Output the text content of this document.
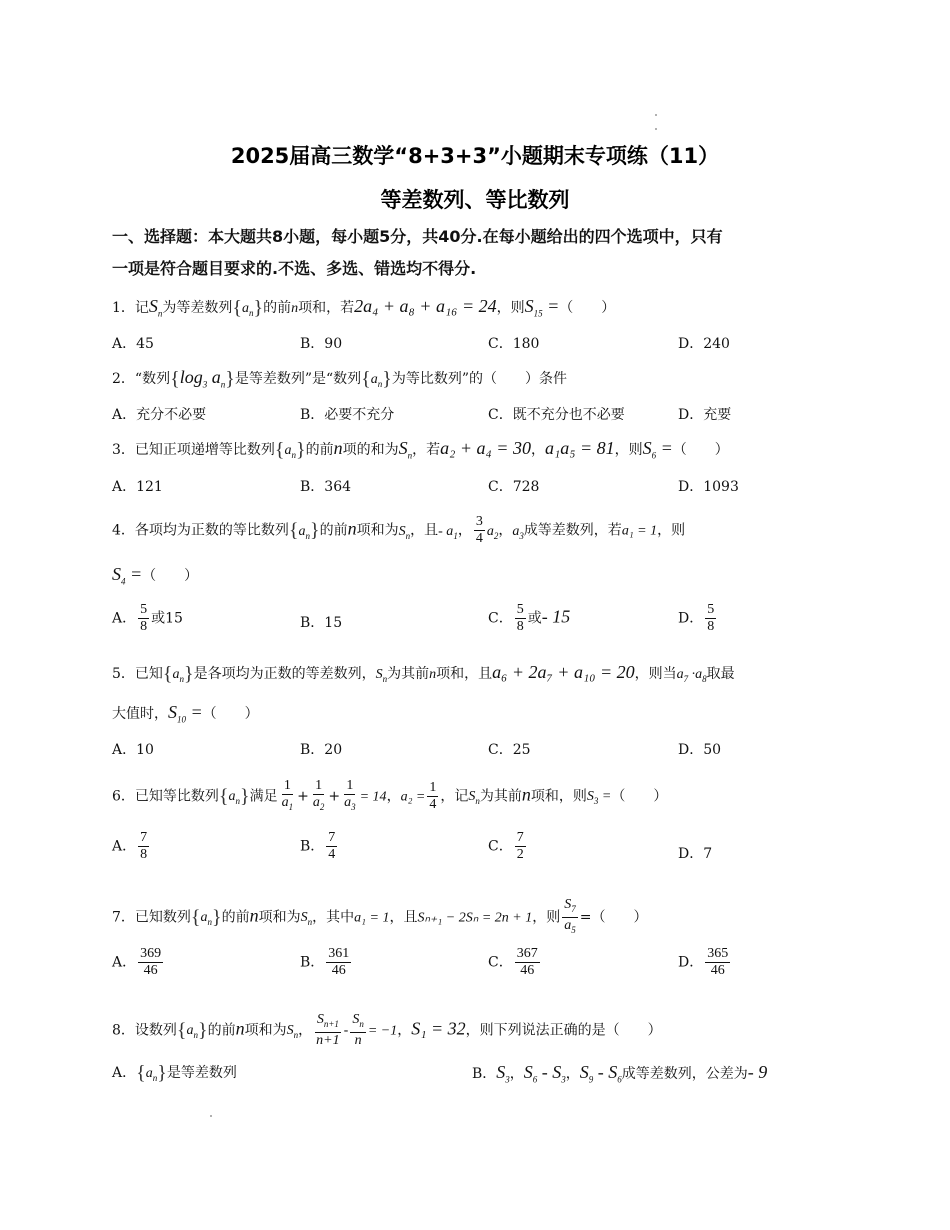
2025届高三数学“8+3+3”小题期末专项练（11）
等差数列、等比数列
一、选择题：本大题共8小题，每小题5分，共40分.在每小题给出的四个选项中，只有
一项是符合题目要求的.不选、多选、错选均不得分.
1．记$S_n$为等差数列$\{a_n\}$的前n项和，若2a₄ + a₈ + a₁₆ = 24，则$S_{15}$ =（　　）
A．45	B．90	C．180	D．240
2．“数列{$\log_3$ $a_n$}是等差数列”是“数列$\{a_n\}$为等比数列”的（　　）条件
A．充分不必要	B．必要不充分	C．既不充分也不必要	D．充要
3．已知正项递增等比数列$\{a_n\}$的前n项的和为$S_n$，若a₂ + a₄ = 30，a₁a₅ = 81，则$S_6$ =（　　）
A．121	B．364	C．728	D．1093
4．各项均为正数的等比数列$\{a_n\}$的前n项和为$S_n$，且- $a_1$， $\frac{3}{4} a_2$，$a_3$成等差数列，若a₁ = 1，则
$S_4$ =（　　）
A． $\frac{5}{8}$ 或15	B．15	C． $\frac{5}{8}$ 或- 15	D． $\frac{5}{8}$
5．已知$\{a_n\}$是各项均为正数的等差数列，$S_n$为其前n项和，且a₆ + 2a₇ + a₁₀ = 20，则当$a_7 \cdot a_8$取最
大值时，$S_{10}$ =（　　）
A．10	B．20	C．25	D．50
6．已知等比数列$\{a_n\}$满足 $\frac{1}{a_1} + \frac{1}{a_2} + \frac{1}{a_3} = 14$，$a_2 = \frac{1}{4}$ ，记$S_n$为其前n项和，则$S_3$ =（　　）
A． $\frac{7}{8}$	B． $\frac{7}{4}$	C． $\frac{7}{2}$	D．7
7．已知数列$\{a_n\}$的前n项和为$S_n$，其中a₁ = 1，且Sₙ₊₁ − 2Sₙ = 2n + 1，则 $\frac{S_7}{a_5}$ =（　　）
A． $\frac{369}{46}$	B． $\frac{361}{46}$	C． $\frac{367}{46}$	D． $\frac{365}{46}$
8．设数列$\{a_n\}$的前n项和为$S_n$， $\frac{S_{n+1}}{n+1} - \frac{S_n}{n} = -1$，S₁ = 32，则下列说法正确的是（　　）
A．$\{a_n\}$是等差数列	B．$S_3$，$S_6 - S_3$，$S_9 - S_6$成等差数列，公差为- 9
